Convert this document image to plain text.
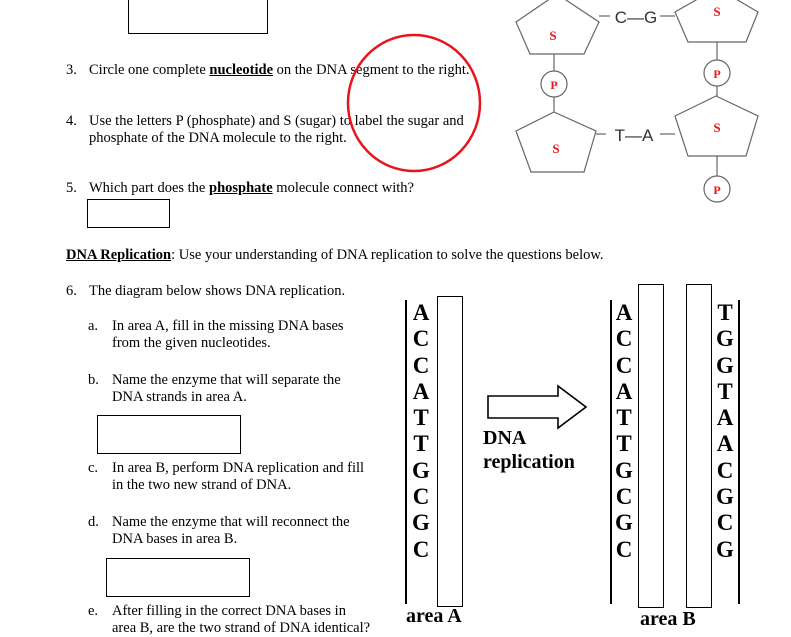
3. Circle one complete nucleotide on the DNA segment to the right.
4. Use the letters P (phosphate) and S (sugar) to label the sugar and
phosphate of the DNA molecule to the right.
5. Which part does the phosphate molecule connect with?
DNA Replication: Use your understanding of DNA replication to solve the questions below.
6. The diagram below shows DNA replication.
a. In area A, fill in the missing DNA bases
from the given nucleotides.
b. Name the enzyme that will separate the
DNA strands in area A.
c. In area B, perform DNA replication and fill
in the two new strand of DNA.
d. Name the enzyme that will reconnect the
DNA bases in area B.
e. After filling in the correct DNA bases in
area B, are the two strand of DNA identical?
S
S
S
S
P
P
P
C—G
T—A
A
C
C
A
T
T
G
C
G
C
area A
DNA
replication
A
C
C
A
T
T
G
C
G
C
T
G
G
T
A
A
C
G
C
G
area B
